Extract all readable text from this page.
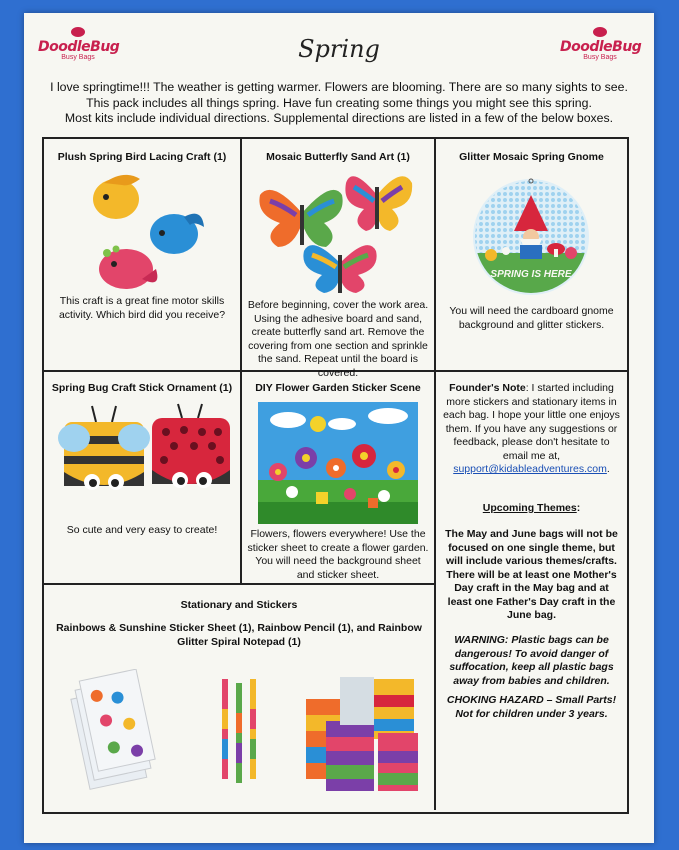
DoodleBug
Busy Bags
DoodleBug
Busy Bags
Spring
I love springtime!!! The weather is getting warmer. Flowers are blooming. There are so many sights to see.
This pack includes all things spring. Have fun creating some things you might see this spring.
Most kits include individual directions. Supplemental directions are listed in a few of the below boxes.
Plush Spring Bird Lacing Craft (1)
This craft is a great fine motor skills activity. Which bird did you receive?
Mosaic Butterfly Sand Art (1)
Before beginning, cover the work area. Using the adhesive board and sand, create butterfly sand art. Remove the covering from one section and sprinkle the sand. Repeat until the board is covered.
Glitter Mosaic Spring Gnome
SPRING IS HERE
You will need the cardboard gnome background and glitter stickers.
Spring Bug Craft Stick Ornament (1)
So cute and very easy to create!
DIY Flower Garden Sticker Scene
Flowers, flowers everywhere! Use the sticker sheet to create a flower garden. You will need the background sheet and sticker sheet.
Stationary and Stickers
Rainbows & Sunshine Sticker Sheet (1), Rainbow Pencil (1), and Rainbow Glitter Spiral Notepad (1)
Founder's Note: I started including more stickers and stationary items in each bag. I hope your little one enjoys them. If you have any suggestions or feedback, please don't hesitate to email me at,
support@kidableadventures.com.
Upcoming Themes:
The May and June bags will not be focused on one single theme, but will include various themes/crafts. There will be at least one Mother's Day craft in the May bag and at least one Father's Day craft in the June bag.
WARNING: Plastic bags can be dangerous! To avoid danger of suffocation, keep all plastic bags away from babies and children.
CHOKING HAZARD – Small Parts! Not for children under 3 years.
